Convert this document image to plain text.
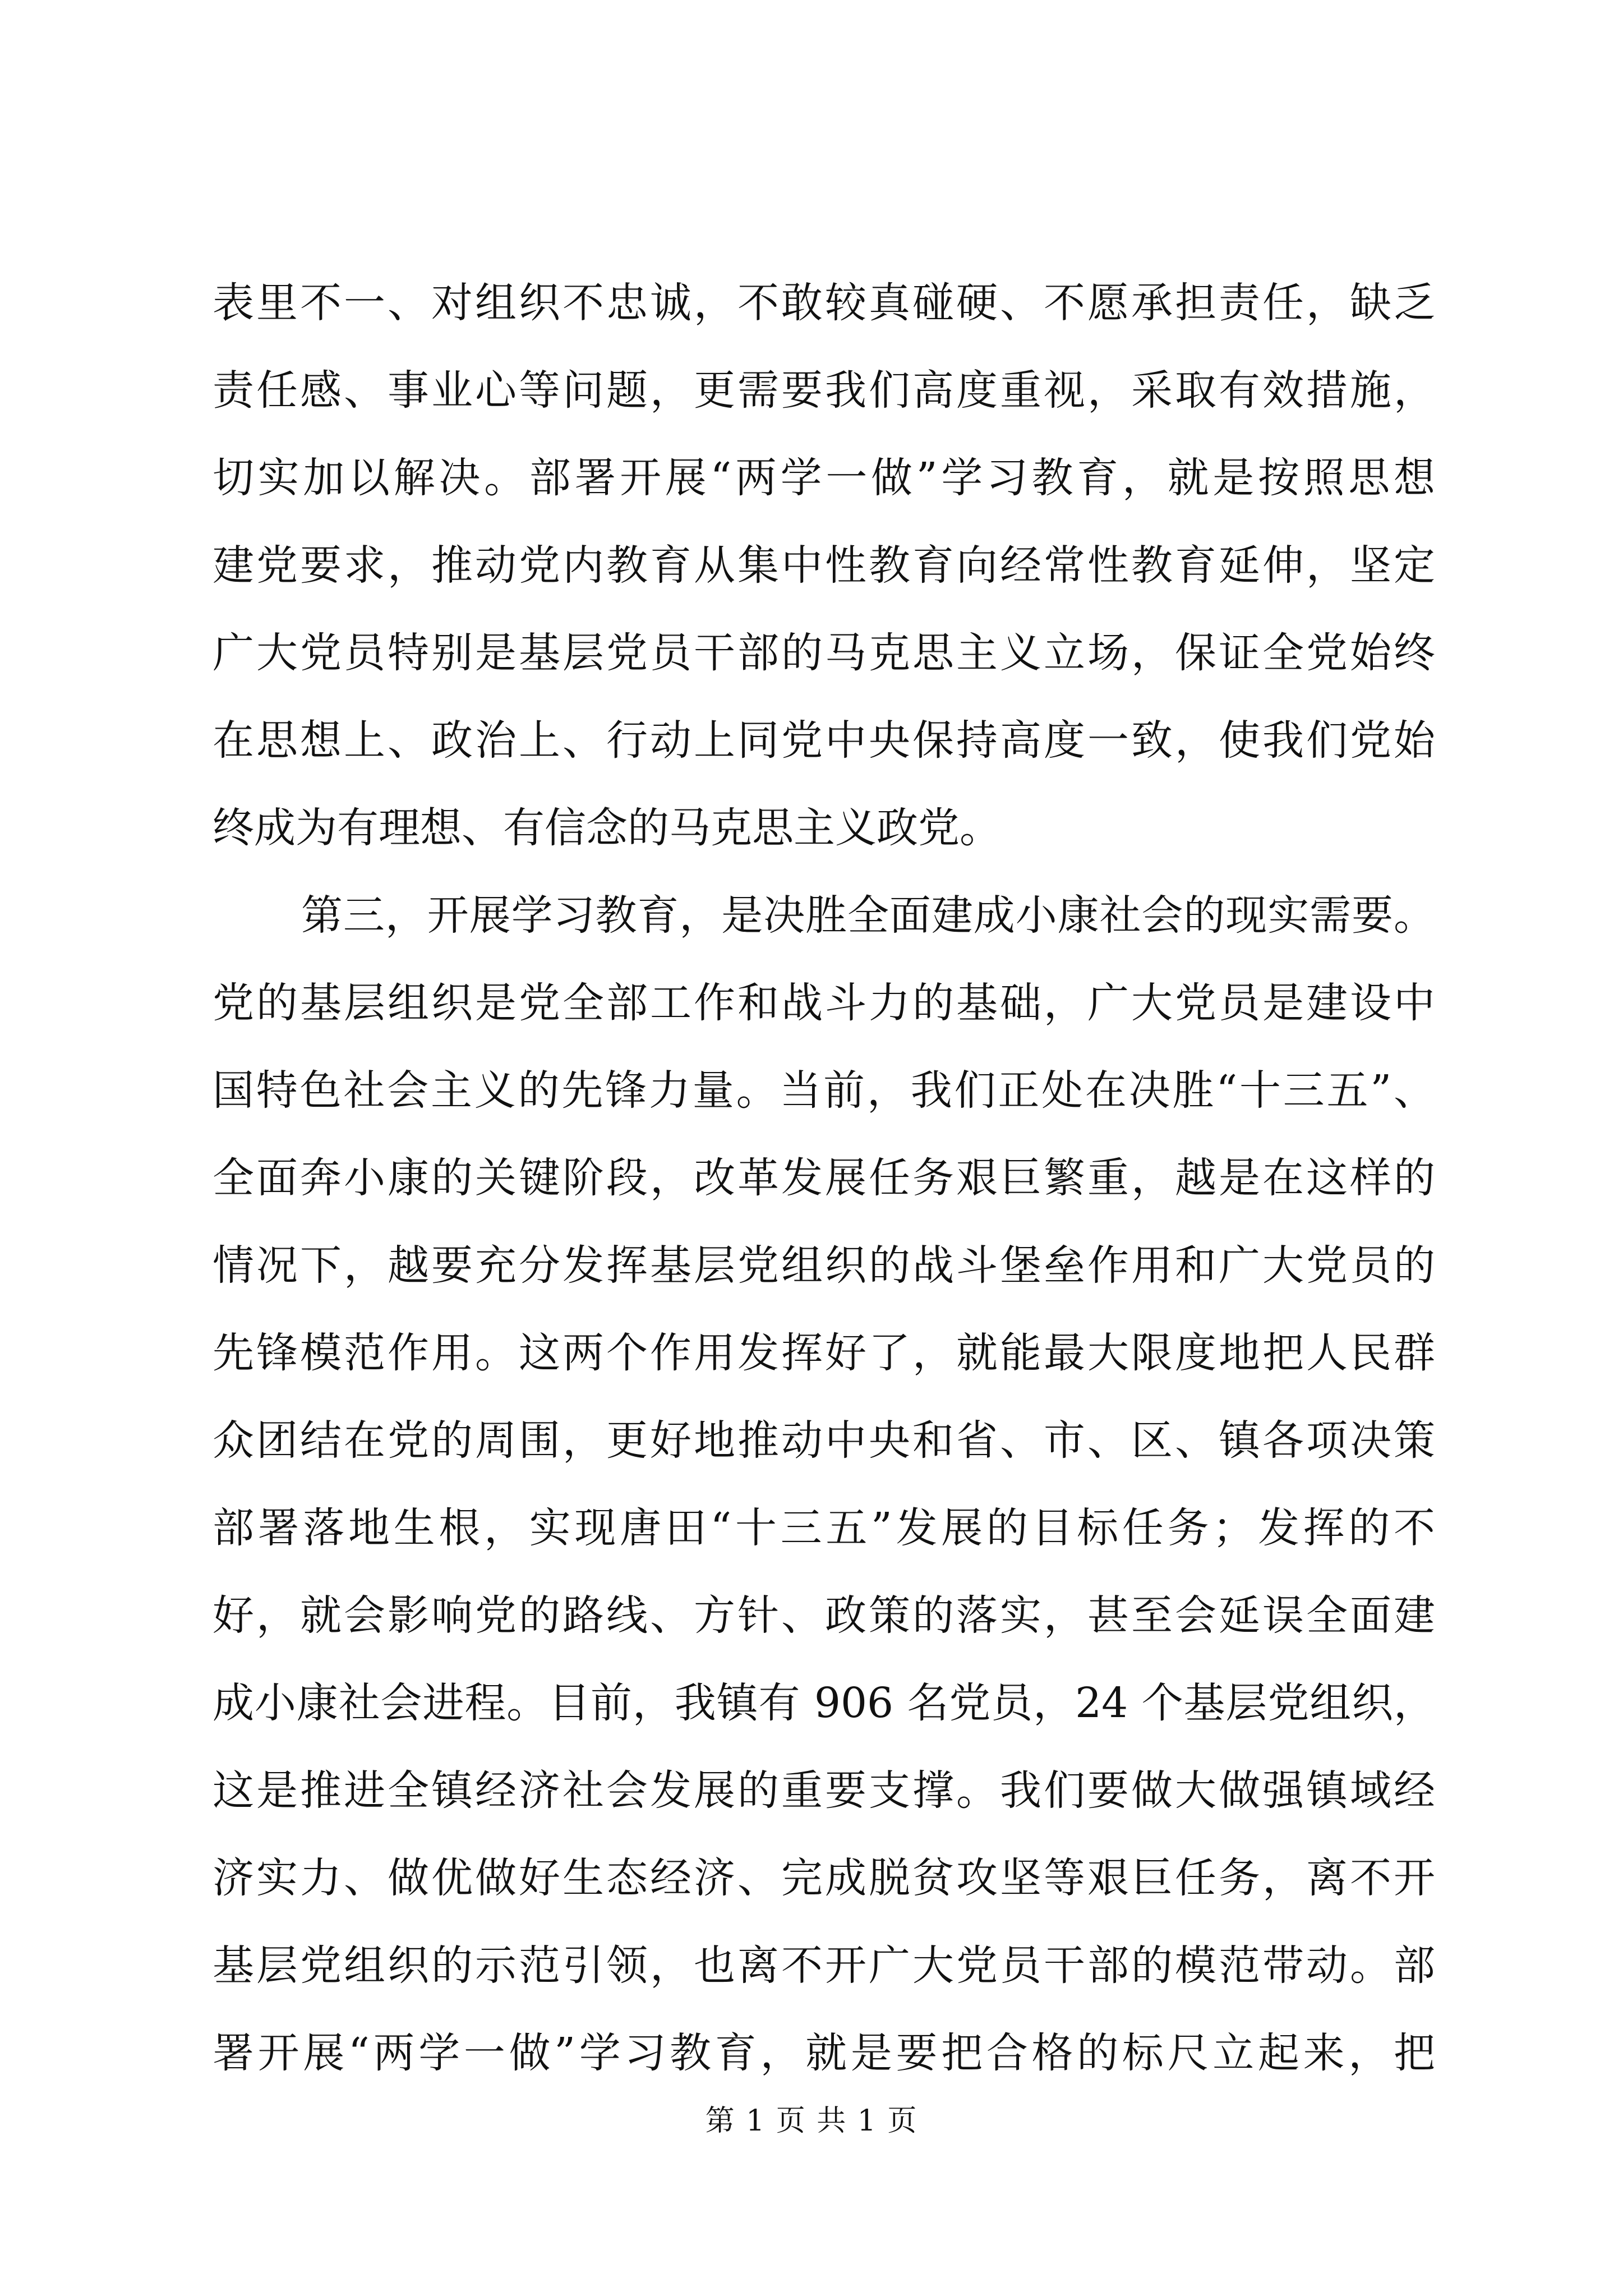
表里不一、对组织不忠诚，不敢较真碰硬、不愿承担责任，缺乏
责任感、事业心等问题，更需要我们高度重视，采取有效措施，
切实加以解决。部署开展“两学一做”学习教育，就是按照思想
建党要求，推动党内教育从集中性教育向经常性教育延伸，坚定
广大党员特别是基层党员干部的马克思主义立场，保证全党始终
在思想上、政治上、行动上同党中央保持高度一致，使我们党始
终成为有理想、有信念的马克思主义政党。
第三，开展学习教育，是决胜全面建成小康社会的现实需要。
党的基层组织是党全部工作和战斗力的基础，广大党员是建设中
国特色社会主义的先锋力量。当前，我们正处在决胜“十三五”、
全面奔小康的关键阶段，改革发展任务艰巨繁重，越是在这样的
情况下，越要充分发挥基层党组织的战斗堡垒作用和广大党员的
先锋模范作用。这两个作用发挥好了，就能最大限度地把人民群
众团结在党的周围，更好地推动中央和省、市、区、镇各项决策
部署落地生根，实现唐田“十三五”发展的目标任务；发挥的不
好，就会影响党的路线、方针、政策的落实，甚至会延误全面建
成小康社会进程。目前，我镇有 906 名党员，24 个基层党组织，
这是推进全镇经济社会发展的重要支撑。我们要做大做强镇域经
济实力、做优做好生态经济、完成脱贫攻坚等艰巨任务，离不开
基层党组织的示范引领，也离不开广大党员干部的模范带动。部
署开展“两学一做”学习教育，就是要把合格的标尺立起来，把
第 1 页 共 1 页
